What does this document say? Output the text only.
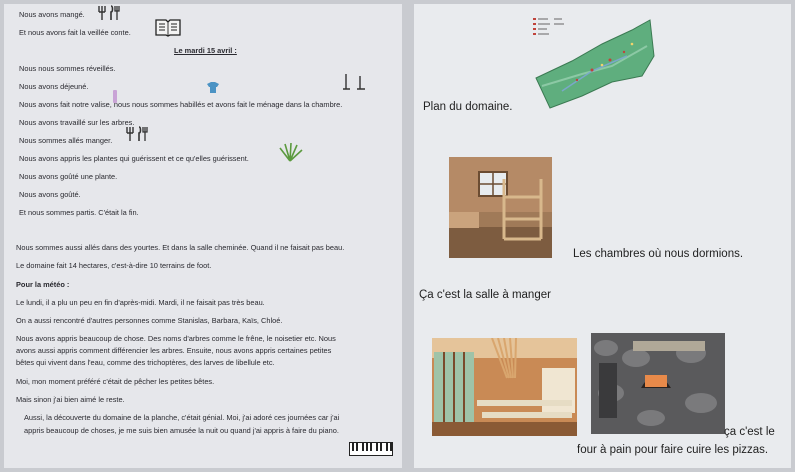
Nous avons mangé.
Et nous avons fait la veillée conte.
Le mardi 15 avril :
Nous nous sommes réveillés.
Nous avons déjeuné.
Nous avons fait notre valise, nous nous sommes habillés et avons fait le ménage dans la chambre.
Nous avons travaillé sur les arbres.
Nous sommes allés manger.
Nous avons appris les plantes qui guérissent et ce qu'elles guérissent.
Nous avons goûté une plante.
Nous avons goûté.
Et nous sommes partis. C'était la fin.
Nous sommes aussi allés dans des yourtes. Et dans la salle cheminée. Quand il ne faisait pas beau.
Le domaine fait 14 hectares, c'est-à-dire 10 terrains de foot.
Pour la météo :
Le lundi, il a plu un peu en fin d'après-midi. Mardi, il ne faisait pas très beau.
On a aussi rencontré d'autres personnes comme Stanislas, Barbara, Kaïs, Chloé.
Nous avons appris beaucoup de chose. Des noms d'arbres comme le frêne, le noisetier etc. Nous
avons aussi appris comment différencier les arbres. Ensuite, nous avons appris certaines petites
bêtes qui vivent dans l'eau, comme des trichoptères, des larves de libellule etc.
Moi, mon moment préféré c'était de pêcher les petites bêtes.
Mais sinon j'ai bien aimé le reste.
Aussi, la découverte du domaine de la planche, c'était génial. Moi, j'ai adoré ces journées car j'ai
appris beaucoup de choses, je me suis bien amusée la nuit ou quand j'ai appris à faire du piano.
Plan du domaine.
Les chambres où nous dormions.
Ça c'est la salle à manger
ça c'est le
four à pain pour faire cuire les pizzas.
